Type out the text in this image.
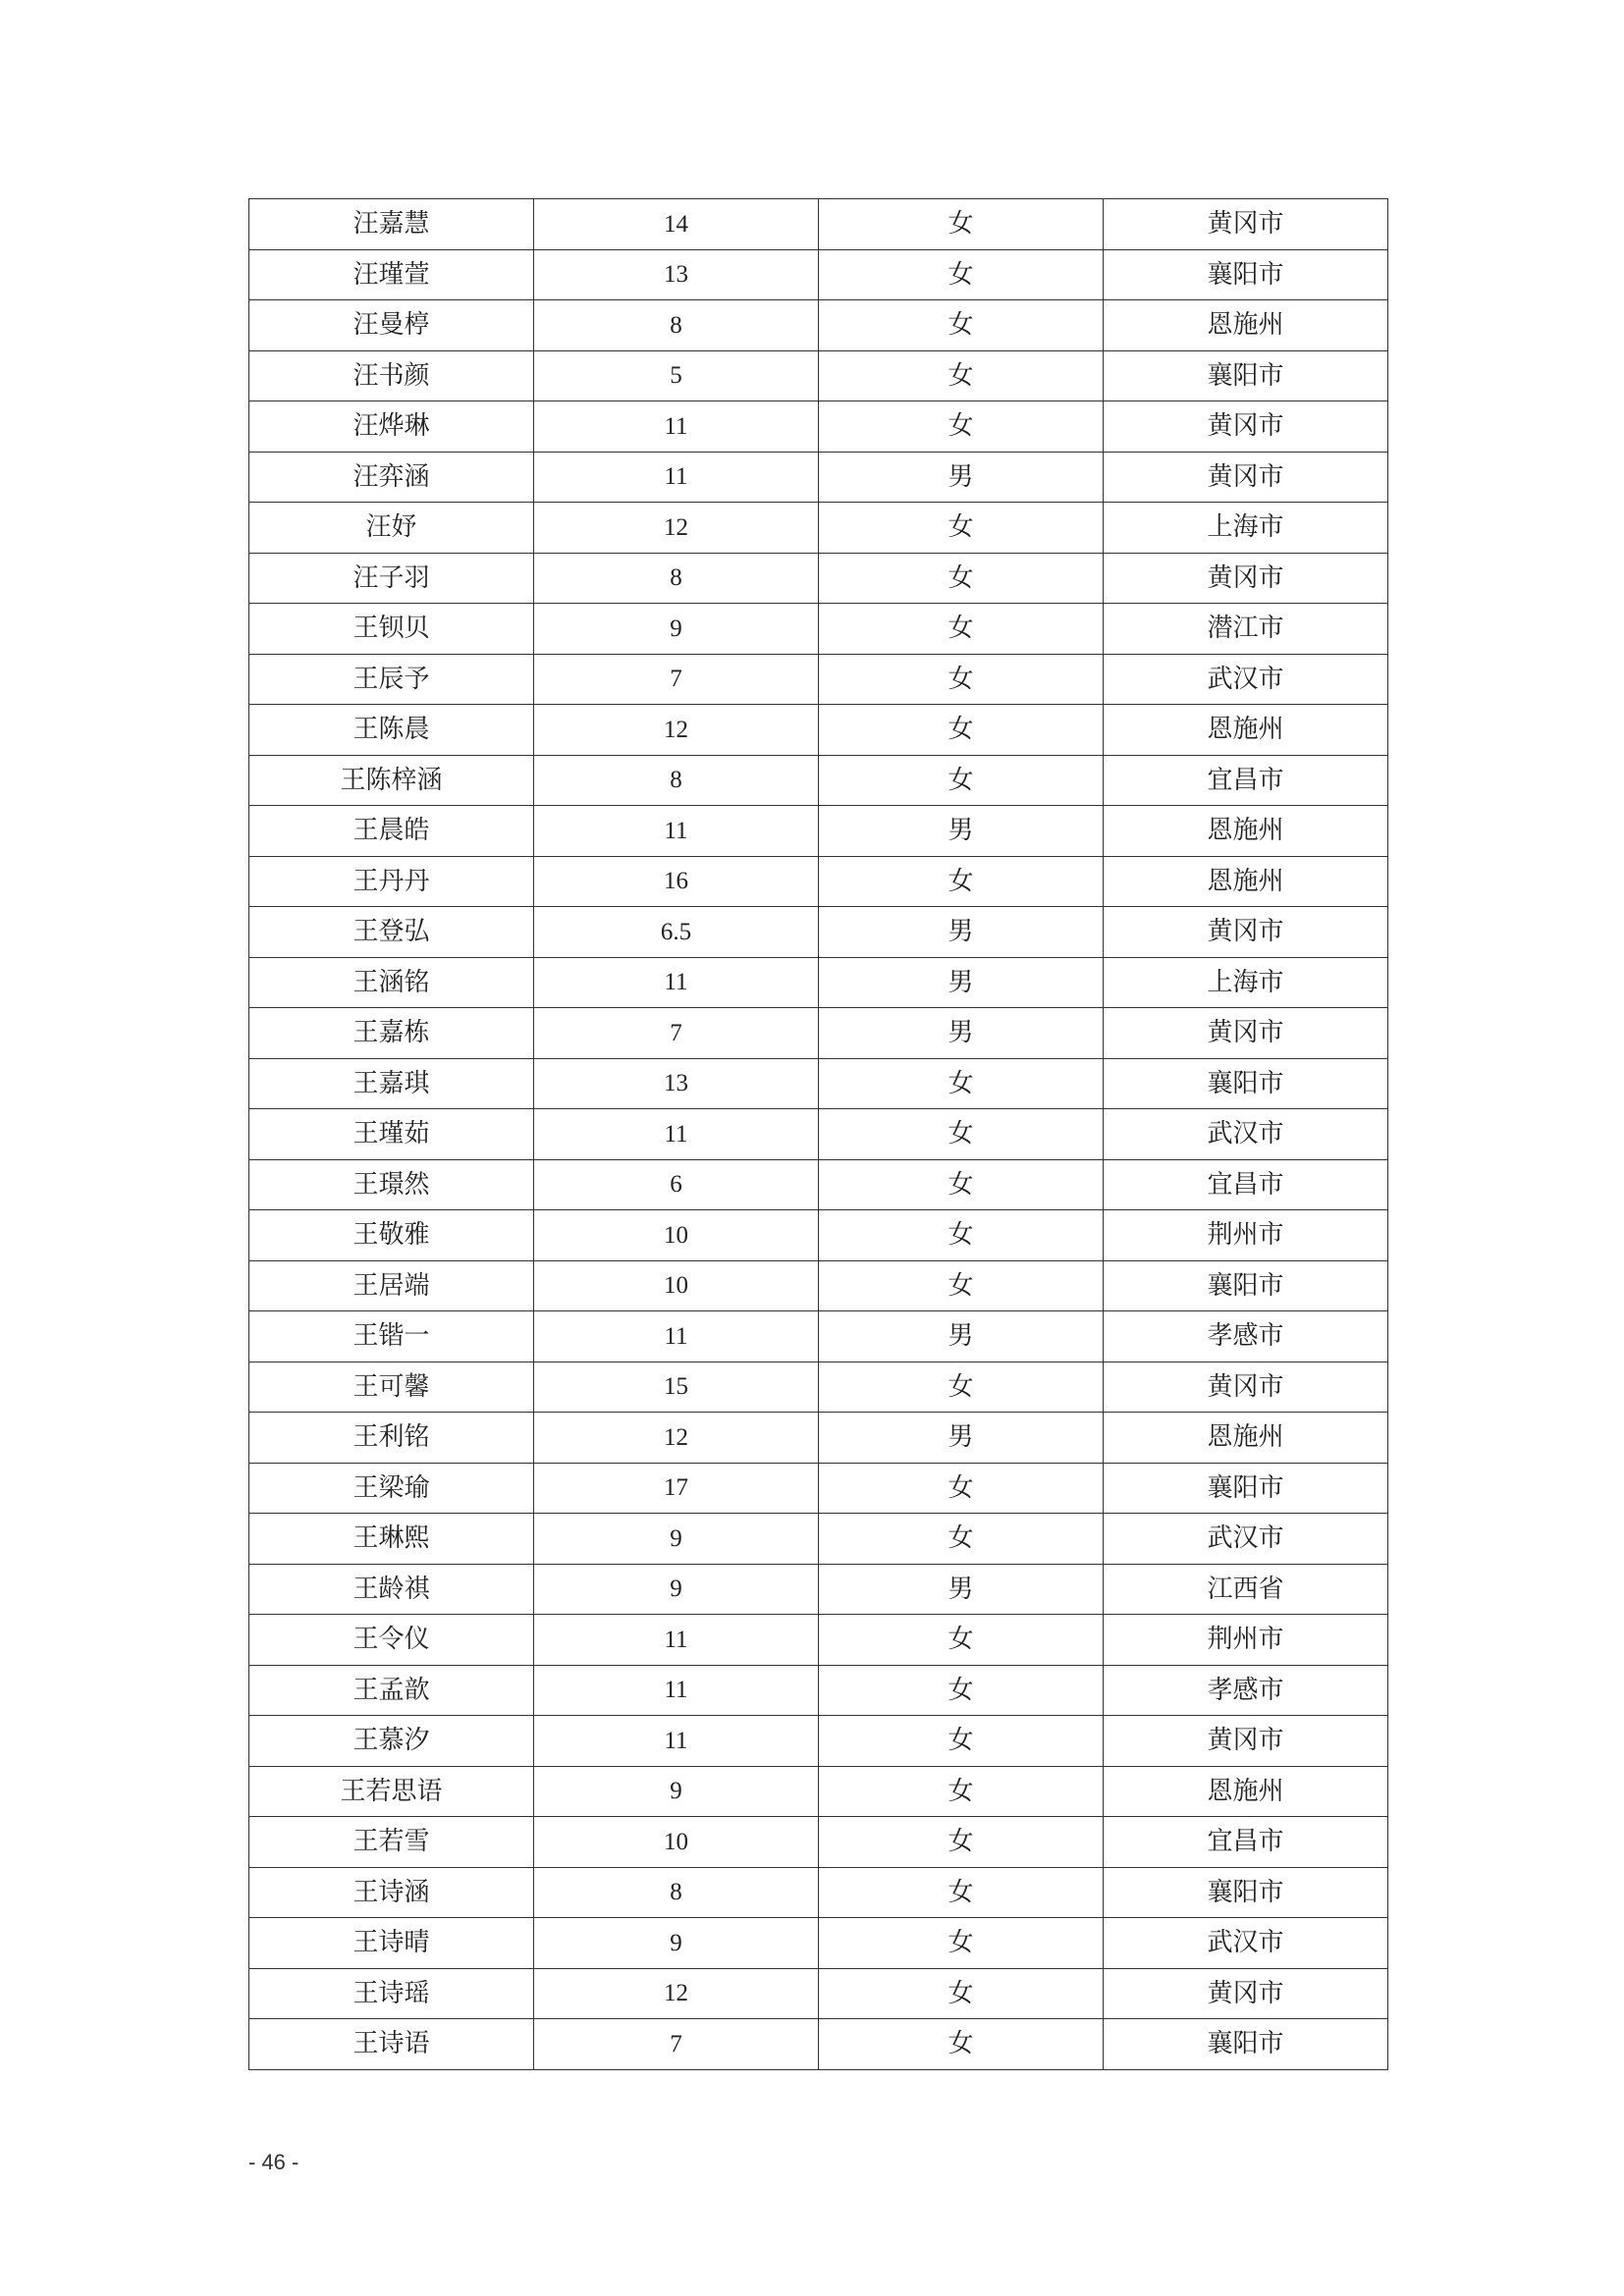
汪嘉慧	14	女	黄冈市
汪瑾萱	13	女	襄阳市
汪曼楟	8	女	恩施州
汪书颜	5	女	襄阳市
汪烨琳	11	女	黄冈市
汪弈涵	11	男	黄冈市
汪妤	12	女	上海市
汪子羽	8	女	黄冈市
王钡贝	9	女	潜江市
王辰予	7	女	武汉市
王陈晨	12	女	恩施州
王陈梓涵	8	女	宜昌市
王晨皓	11	男	恩施州
王丹丹	16	女	恩施州
王登弘	6.5	男	黄冈市
王涵铭	11	男	上海市
王嘉栋	7	男	黄冈市
王嘉琪	13	女	襄阳市
王瑾茹	11	女	武汉市
王璟然	6	女	宜昌市
王敬雅	10	女	荆州市
王居端	10	女	襄阳市
王锴一	11	男	孝感市
王可馨	15	女	黄冈市
王利铭	12	男	恩施州
王梁瑜	17	女	襄阳市
王琳熙	9	女	武汉市
王龄祺	9	男	江西省
王令仪	11	女	荆州市
王孟歆	11	女	孝感市
王慕汐	11	女	黄冈市
王若思语	9	女	恩施州
王若雪	10	女	宜昌市
王诗涵	8	女	襄阳市
王诗晴	9	女	武汉市
王诗瑶	12	女	黄冈市
王诗语	7	女	襄阳市
- 46 -
